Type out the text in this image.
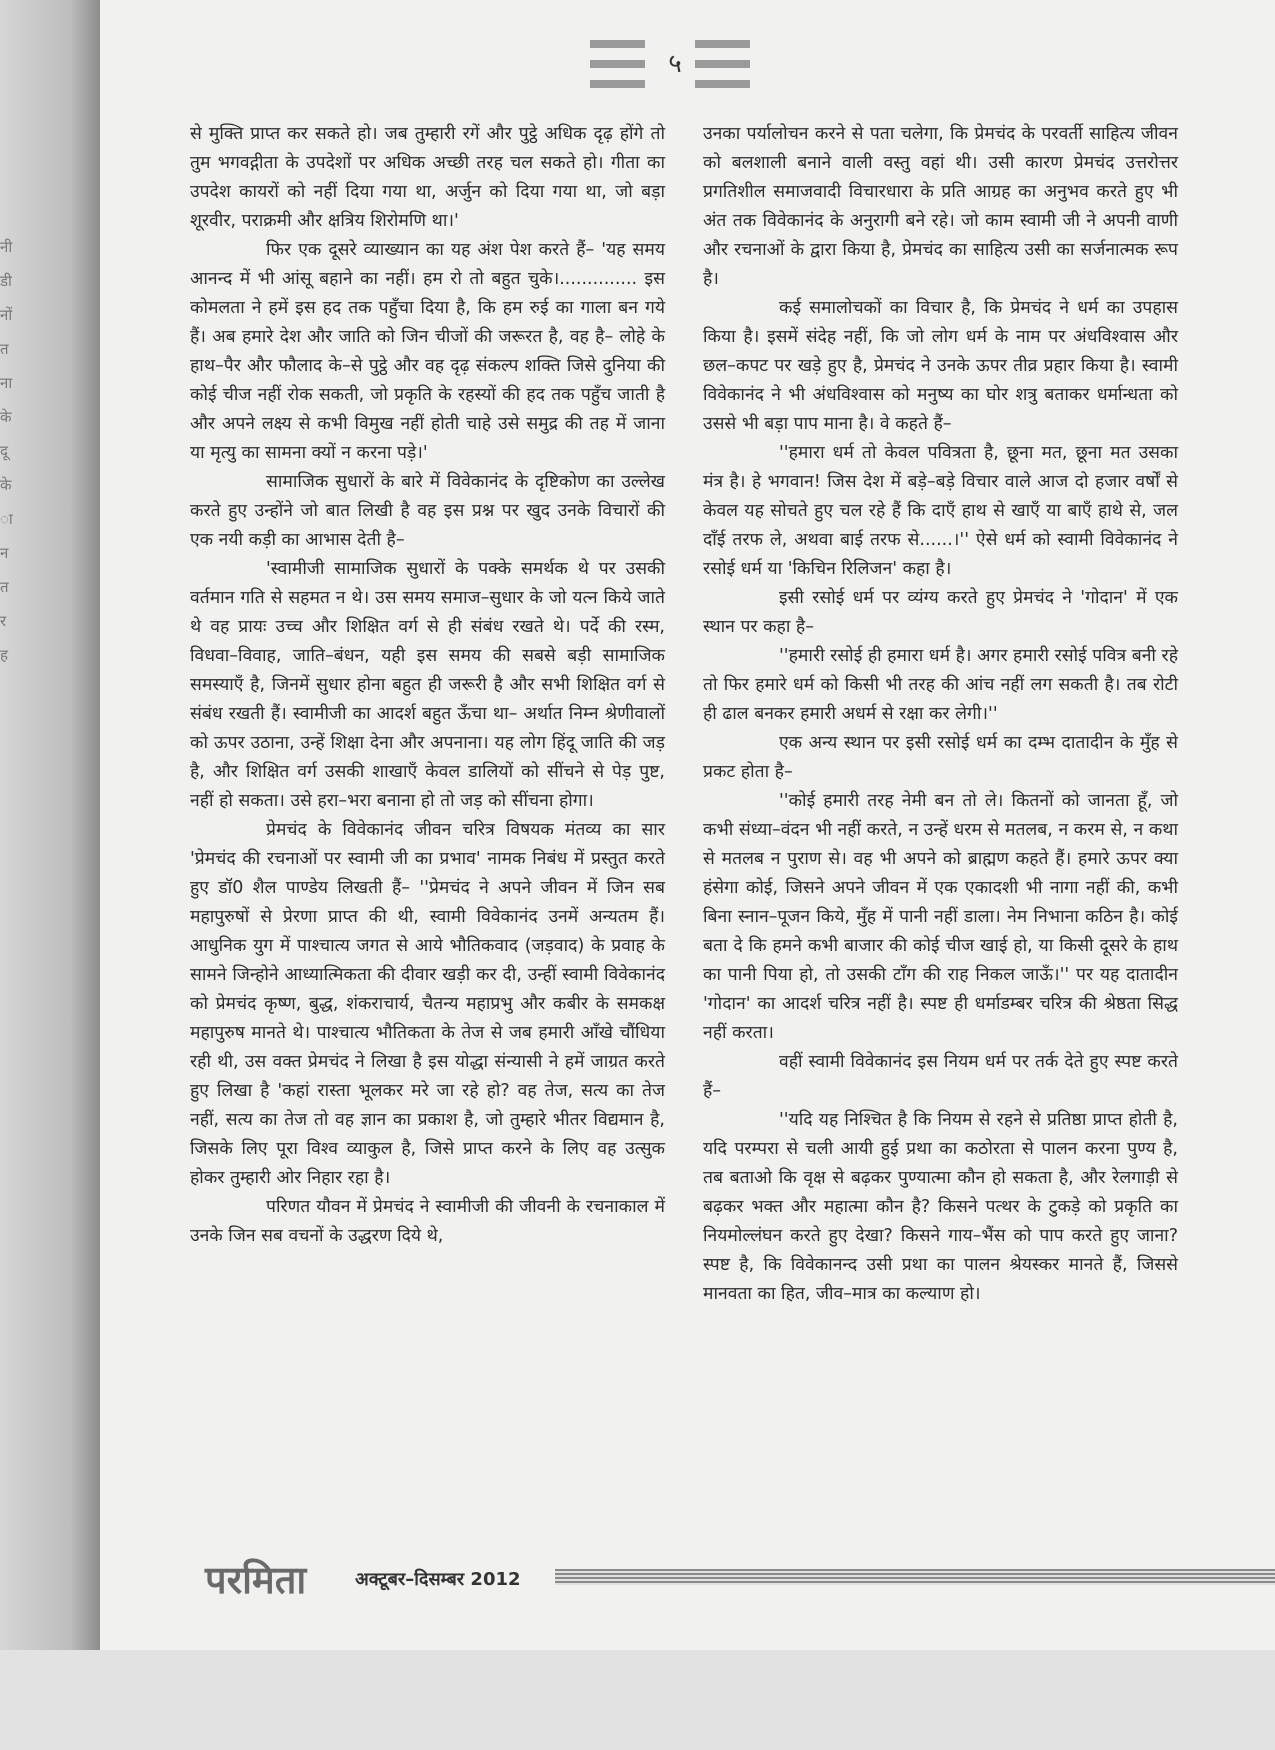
नी
डी
नों
त
ना
के
दू
के
ा
न
त
र
ह
५

से मुक्ति प्राप्त कर सकते हो। जब तुम्हारी रगें और पुट्ठे अधिक दृढ़ होंगे तो तुम भगवद्गीता के उपदेशों पर अधिक अच्छी तरह चल सकते हो। गीता का उपदेश कायरों को नहीं दिया गया था, अर्जुन को दिया गया था, जो बड़ा शूरवीर, पराक्रमी और क्षत्रिय शिरोमणि था।'

फिर एक दूसरे व्याख्यान का यह अंश पेश करते हैं– 'यह समय आनन्द में भी आंसू बहाने का नहीं। हम रो तो बहुत चुके।.............. इस कोमलता ने हमें इस हद तक पहुँचा दिया है, कि हम रुई का गाला बन गये हैं। अब हमारे देश और जाति को जिन चीजों की जरूरत है, वह है– लोहे के हाथ–पैर और फौलाद के–से पुट्ठे और वह दृढ़ संकल्प शक्ति जिसे दुनिया की कोई चीज नहीं रोक सकती, जो प्रकृति के रहस्यों की हद तक पहुँच जाती है और अपने लक्ष्य से कभी विमुख नहीं होती चाहे उसे समुद्र की तह में जाना या मृत्यु का सामना क्यों न करना पड़े।'

सामाजिक सुधारों के बारे में विवेकानंद के दृष्टिकोण का उल्लेख करते हुए उन्होंने जो बात लिखी है वह इस प्रश्न पर खुद उनके विचारों की एक नयी कड़ी का आभास देती है–

'स्वामीजी सामाजिक सुधारों के पक्के समर्थक थे पर उसकी वर्तमान गति से सहमत न थे। उस समय समाज–सुधार के जो यत्न किये जाते थे वह प्रायः उच्च और शिक्षित वर्ग से ही संबंध रखते थे। पर्दे की रस्म, विधवा–विवाह, जाति–बंधन, यही इस समय की सबसे बड़ी सामाजिक समस्याएँ है, जिनमें सुधार होना बहुत ही जरूरी है और सभी शिक्षित वर्ग से संबंध रखती हैं। स्वामीजी का आदर्श बहुत ऊँचा था– अर्थात निम्न श्रेणीवालों को ऊपर उठाना, उन्हें शिक्षा देना और अपनाना। यह लोग हिंदू जाति की जड़ है, और शिक्षित वर्ग उसकी शाखाएँ केवल डालियों को सींचने से पेड़ पुष्ट, नहीं हो सकता। उसे हरा–भरा बनाना हो तो जड़ को सींचना होगा।

प्रेमचंद के विवेकानंद जीवन चरित्र विषयक मंतव्य का सार 'प्रेमचंद की रचनाओं पर स्वामी जी का प्रभाव' नामक निबंध में प्रस्तुत करते हुए डॉ0 शैल पाण्डेय लिखती हैं– ''प्रेमचंद ने अपने जीवन में जिन सब महापुरुषों से प्रेरणा प्राप्त की थी, स्वामी विवेकानंद उनमें अन्यतम हैं। आधुनिक युग में पाश्चात्य जगत से आये भौतिकवाद (जड़वाद) के प्रवाह के सामने जिन्होने आध्यात्मिकता की दीवार खड़ी कर दी, उन्हीं स्वामी विवेकानंद को प्रेमचंद कृष्ण, बुद्ध, शंकराचार्य, चैतन्य महाप्रभु और कबीर के समकक्ष महापुरुष मानते थे। पाश्चात्य भौतिकता के तेज से जब हमारी आँखे चौंधिया रही थी, उस वक्त प्रेमचंद ने लिखा है इस योद्धा संन्यासी ने हमें जाग्रत करते हुए लिखा है 'कहां रास्ता भूलकर मरे जा रहे हो? वह तेज, सत्य का तेज नहीं, सत्य का तेज तो वह ज्ञान का प्रकाश है, जो तुम्हारे भीतर विद्यमान है, जिसके लिए पूरा विश्व व्याकुल है, जिसे प्राप्त करने के लिए वह उत्सुक होकर तुम्हारी ओर निहार रहा है।

परिणत यौवन में प्रेमचंद ने स्वामीजी की जीवनी के रचनाकाल में उनके जिन सब वचनों के उद्धरण दिये थे,

उनका पर्यालोचन करने से पता चलेगा, कि प्रेमचंद के परवर्ती साहित्य जीवन को बलशाली बनाने वाली वस्तु वहां थी। उसी कारण प्रेमचंद उत्तरोत्तर प्रगतिशील समाजवादी विचारधारा के प्रति आग्रह का अनुभव करते हुए भी अंत तक विवेकानंद के अनुरागी बने रहे। जो काम स्वामी जी ने अपनी वाणी और रचनाओं के द्वारा किया है, प्रेमचंद का साहित्य उसी का सर्जनात्मक रूप है।

कई समालोचकों का विचार है, कि प्रेमचंद ने धर्म का उपहास किया है। इसमें संदेह नहीं, कि जो लोग धर्म के नाम पर अंधविश्वास और छल–कपट पर खड़े हुए है, प्रेमचंद ने उनके ऊपर तीव्र प्रहार किया है। स्वामी विवेकानंद ने भी अंधविश्वास को मनुष्य का घोर शत्रु बताकर धर्मान्धता को उससे भी बड़ा पाप माना है। वे कहते हैं–

''हमारा धर्म तो केवल पवित्रता है, छूना मत, छूना मत उसका मंत्र है। हे भगवान! जिस देश में बड़े–बड़े विचार वाले आज दो हजार वर्षों से केवल यह सोचते हुए चल रहे हैं कि दाएँ हाथ से खाएँ या बाएँ हाथे से, जल दाँई तरफ ले, अथवा बाई तरफ से......।'' ऐसे धर्म को स्वामी विवेकानंद ने रसोई धर्म या 'किचिन रिलिजन' कहा है।

इसी रसोई धर्म पर व्यंग्य करते हुए प्रेमचंद ने 'गोदान' में एक स्थान पर कहा है–

''हमारी रसोई ही हमारा धर्म है। अगर हमारी रसोई पवित्र बनी रहे तो फिर हमारे धर्म को किसी भी तरह की आंच नहीं लग सकती है। तब रोटी ही ढाल बनकर हमारी अधर्म से रक्षा कर लेगी।''

एक अन्य स्थान पर इसी रसोई धर्म का दम्भ दातादीन के मुँह से प्रकट होता है–

''कोई हमारी तरह नेमी बन तो ले। कितनों को जानता हूँ, जो कभी संध्या–वंदन भी नहीं करते, न उन्हें धरम से मतलब, न करम से, न कथा से मतलब न पुराण से। वह भी अपने को ब्राह्मण कहते हैं। हमारे ऊपर क्या हंसेगा कोई, जिसने अपने जीवन में एक एकादशी भी नागा नहीं की, कभी बिना स्नान–पूजन किये, मुँह में पानी नहीं डाला। नेम निभाना कठिन है। कोई बता दे कि हमने कभी बाजार की कोई चीज खाई हो, या किसी दूसरे के हाथ का पानी पिया हो, तो उसकी टाँग की राह निकल जाऊँ।'' पर यह दातादीन 'गोदान' का आदर्श चरित्र नहीं है। स्पष्ट ही धर्माडम्बर चरित्र की श्रेष्ठता सिद्ध नहीं करता।

वहीं स्वामी विवेकानंद इस नियम धर्म पर तर्क देते हुए स्पष्ट करते हैं–

''यदि यह निश्चित है कि नियम से रहने से प्रतिष्ठा प्राप्त होती है, यदि परम्परा से चली आयी हुई प्रथा का कठोरता से पालन करना पुण्य है, तब बताओ कि वृक्ष से बढ़कर पुण्यात्मा कौन हो सकता है, और रेलगाड़ी से बढ़कर भक्त और महात्मा कौन है? किसने पत्थर के टुकड़े को प्रकृति का नियमोल्लंघन करते हुए देखा? किसने गाय–भैंस को पाप करते हुए जाना? स्पष्ट है, कि विवेकानन्द उसी प्रथा का पालन श्रेयस्कर मानते हैं, जिससे मानवता का हित, जीव–मात्र का कल्याण हो।

परमिता	अक्टूबर–दिसम्बर 2012
